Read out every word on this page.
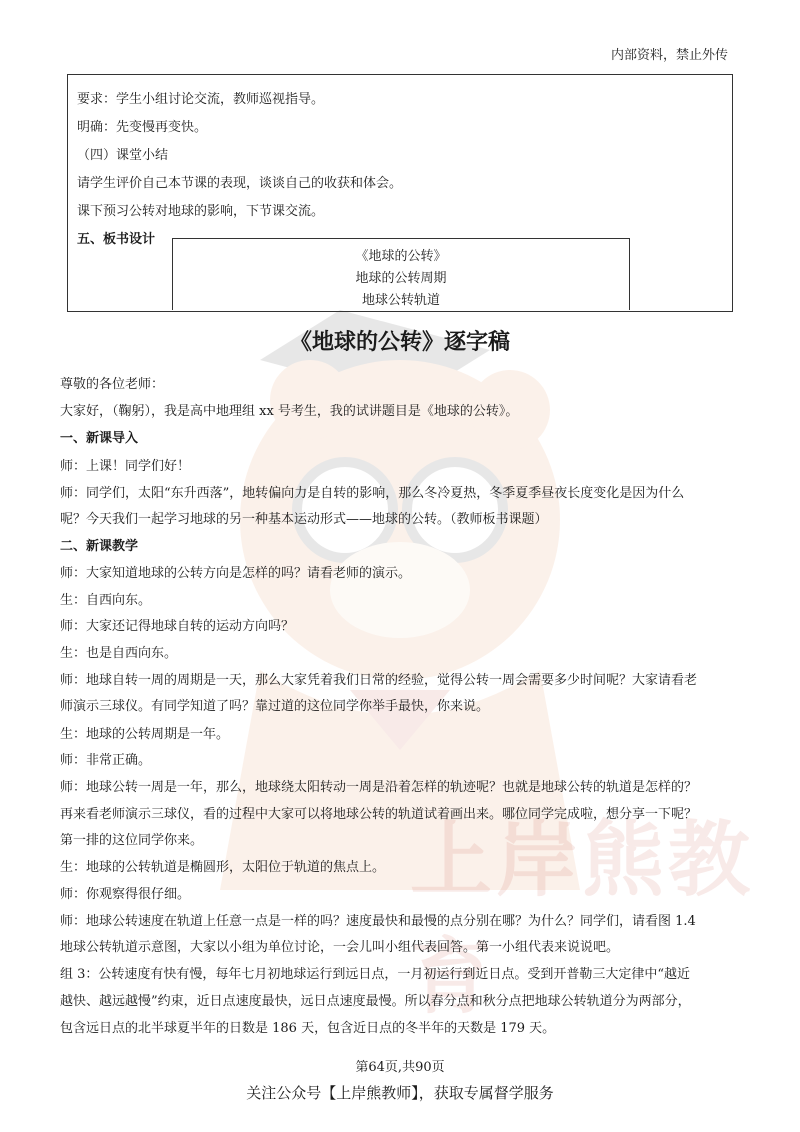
上岸熊教育
内部资料，禁止外传

要求：学生小组讨论交流，教师巡视指导。

明确：先变慢再变快。

（四）课堂小结

请学生评价自己本节课的表现，谈谈自己的收获和体会。

课下预习公转对地球的影响，下节课交流。

五、板书设计

《地球的公转》

地球的公转周期

地球公转轨道

《地球的公转》逐字稿

尊敬的各位老师：

大家好，（鞠躬），我是高中地理组 xx 号考生，我的试讲题目是《地球的公转》。

一、新课导入

师：上课！同学们好！

师：同学们，太阳“东升西落”，地转偏向力是自转的影响，那么冬冷夏热，冬季夏季昼夜长度变化是因为什么

呢？今天我们一起学习地球的另一种基本运动形式——地球的公转。（教师板书课题）

二、新课教学

师：大家知道地球的公转方向是怎样的吗？请看老师的演示。

生：自西向东。

师：大家还记得地球自转的运动方向吗？

生：也是自西向东。

师：地球自转一周的周期是一天，那么大家凭着我们日常的经验，觉得公转一周会需要多少时间呢？大家请看老

师演示三球仪。有同学知道了吗？靠过道的这位同学你举手最快，你来说。

生：地球的公转周期是一年。

师：非常正确。

师：地球公转一周是一年，那么，地球绕太阳转动一周是沿着怎样的轨迹呢？也就是地球公转的轨道是怎样的？

再来看老师演示三球仪，看的过程中大家可以将地球公转的轨道试着画出来。哪位同学完成啦，想分享一下呢？

第一排的这位同学你来。

生：地球的公转轨道是椭圆形，太阳位于轨道的焦点上。

师：你观察得很仔细。

师：地球公转速度在轨道上任意一点是一样的吗？速度最快和最慢的点分别在哪？为什么？同学们，请看图 1.4

地球公转轨道示意图，大家以小组为单位讨论，一会儿叫小组代表回答。第一小组代表来说说吧。

组 3：公转速度有快有慢，每年七月初地球运行到远日点，一月初运行到近日点。受到开普勒三大定律中“越近

越快、越远越慢”约束，近日点速度最快，远日点速度最慢。所以春分点和秋分点把地球公转轨道分为两部分，

包含远日点的北半球夏半年的日数是 186 天，包含近日点的冬半年的天数是 179 天。

第64页,共90页
关注公众号【上岸熊教师】，获取专属督学服务
